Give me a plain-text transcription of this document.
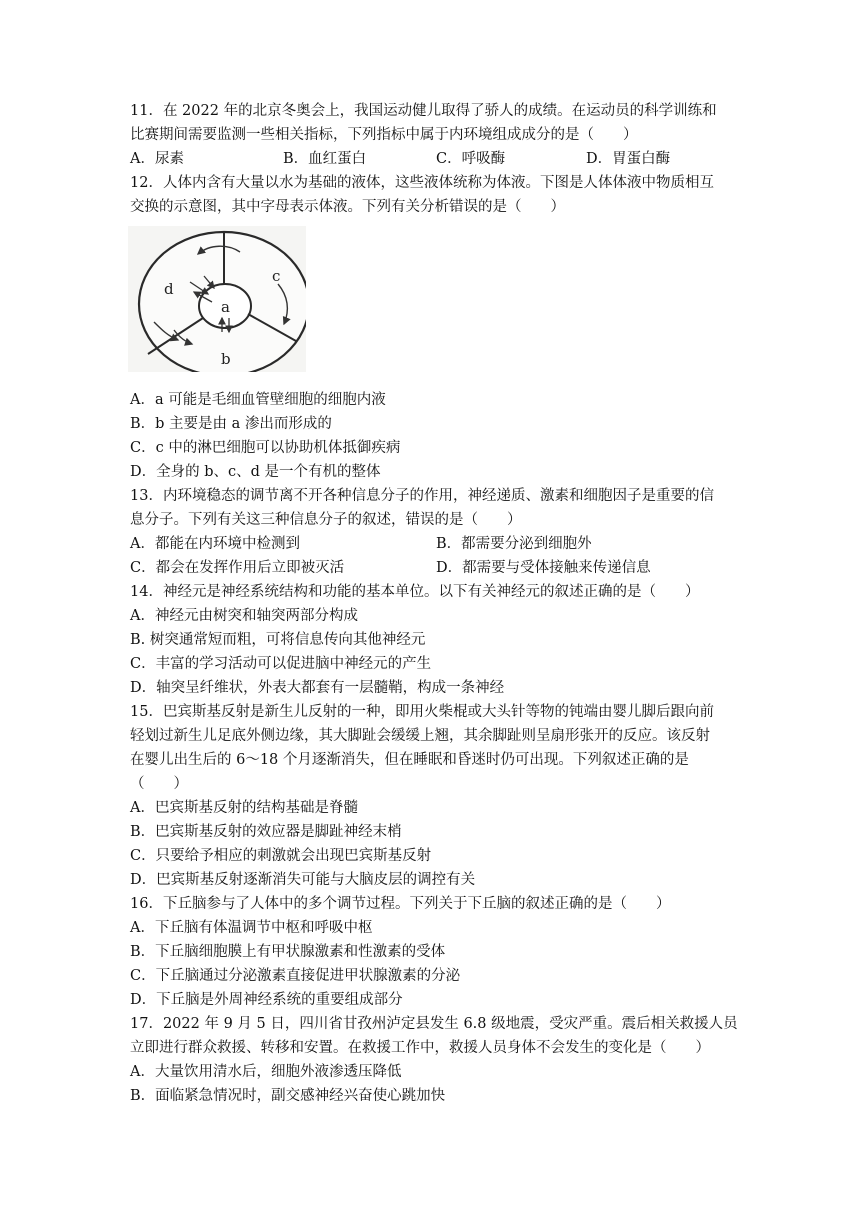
11．在 2022 年的北京冬奥会上，我国运动健儿取得了骄人的成绩。在运动员的科学训练和
比赛期间需要监测一些相关指标，下列指标中属于内环境组成成分的是（　　）
A．尿素	B．血红蛋白	C．呼吸酶	D．胃蛋白酶
12．人体内含有大量以水为基础的液体，这些液体统称为体液。下图是人体体液中物质相互
交换的示意图，其中字母表示体液。下列有关分析错误的是（　　）
a
b
c
d
A．a 可能是毛细血管壁细胞的细胞内液
B．b 主要是由 a 渗出而形成的
C．c 中的淋巴细胞可以协助机体抵御疾病
D．全身的 b、c、d 是一个有机的整体
13．内环境稳态的调节离不开各种信息分子的作用，神经递质、激素和细胞因子是重要的信
息分子。下列有关这三种信息分子的叙述，错误的是（　　）
A．都能在内环境中检测到	B．都需要分泌到细胞外
C．都会在发挥作用后立即被灭活	D．都需要与受体接触来传递信息
14．神经元是神经系统结构和功能的基本单位。以下有关神经元的叙述正确的是（　　）
A．神经元由树突和轴突两部分构成
B. 树突通常短而粗，可将信息传向其他神经元
C．丰富的学习活动可以促进脑中神经元的产生
D．轴突呈纤维状，外表大都套有一层髓鞘，构成一条神经
15．巴宾斯基反射是新生儿反射的一种，即用火柴棍或大头针等物的钝端由婴儿脚后跟向前
轻划过新生儿足底外侧边缘，其大脚趾会缓缓上翘，其余脚趾则呈扇形张开的反应。该反射
在婴儿出生后的 6～18 个月逐渐消失，但在睡眠和昏迷时仍可出现。下列叙述正确的是
（　　）
A．巴宾斯基反射的结构基础是脊髓
B．巴宾斯基反射的效应器是脚趾神经末梢
C．只要给予相应的刺激就会出现巴宾斯基反射
D．巴宾斯基反射逐渐消失可能与大脑皮层的调控有关
16．下丘脑参与了人体中的多个调节过程。下列关于下丘脑的叙述正确的是（　　）
A．下丘脑有体温调节中枢和呼吸中枢
B．下丘脑细胞膜上有甲状腺激素和性激素的受体
C．下丘脑通过分泌激素直接促进甲状腺激素的分泌
D．下丘脑是外周神经系统的重要组成部分
17．2022 年 9 月 5 日，四川省甘孜州泸定县发生 6.8 级地震，受灾严重。震后相关救援人员
立即进行群众救援、转移和安置。在救援工作中，救援人员身体不会发生的变化是（　　）
A．大量饮用清水后，细胞外液渗透压降低
B．面临紧急情况时，副交感神经兴奋使心跳加快
